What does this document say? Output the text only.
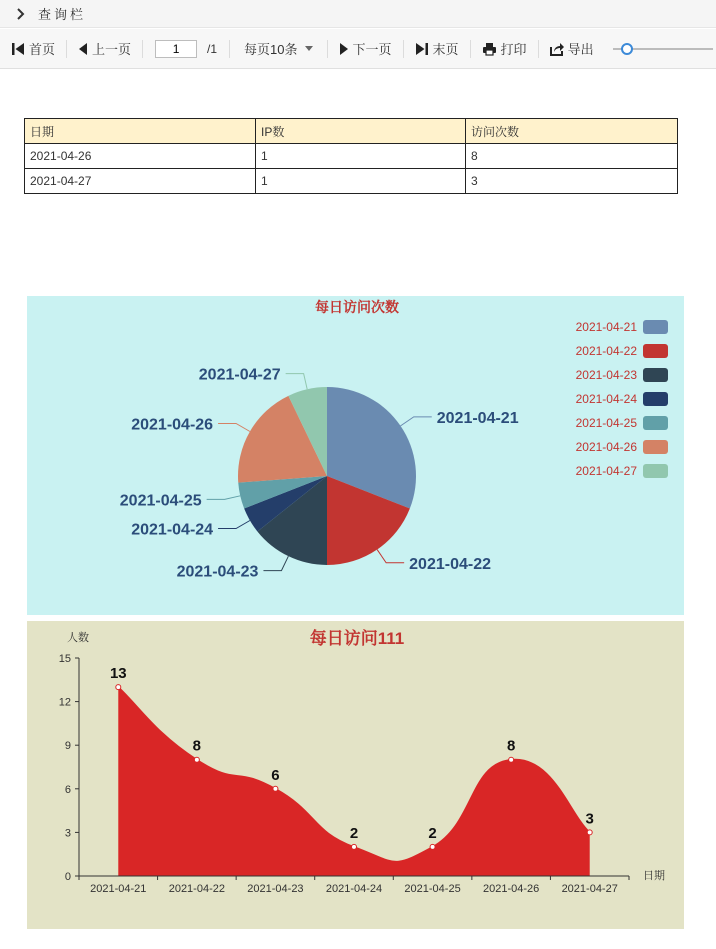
查询栏
首页	上一页
1	/1 每页10条	下一页	末页	打印	导出
日期	IP数	访问次数
2021-04-26	1	8
2021-04-27	1	3
每日访问次数
2021-04-21
2021-04-22
2021-04-23
2021-04-24
2021-04-25
2021-04-26
2021-04-27
2021-04-21
2021-04-22
2021-04-23
2021-04-24
2021-04-25
2021-04-26
2021-04-27
每日访问111
人数
日期
0
3
6
9
12
15
2021-04-21 2021-04-22 2021-04-23 2021-04-24 2021-04-25 2021-04-26 2021-04-27
13
8
6
2	2
8
3
